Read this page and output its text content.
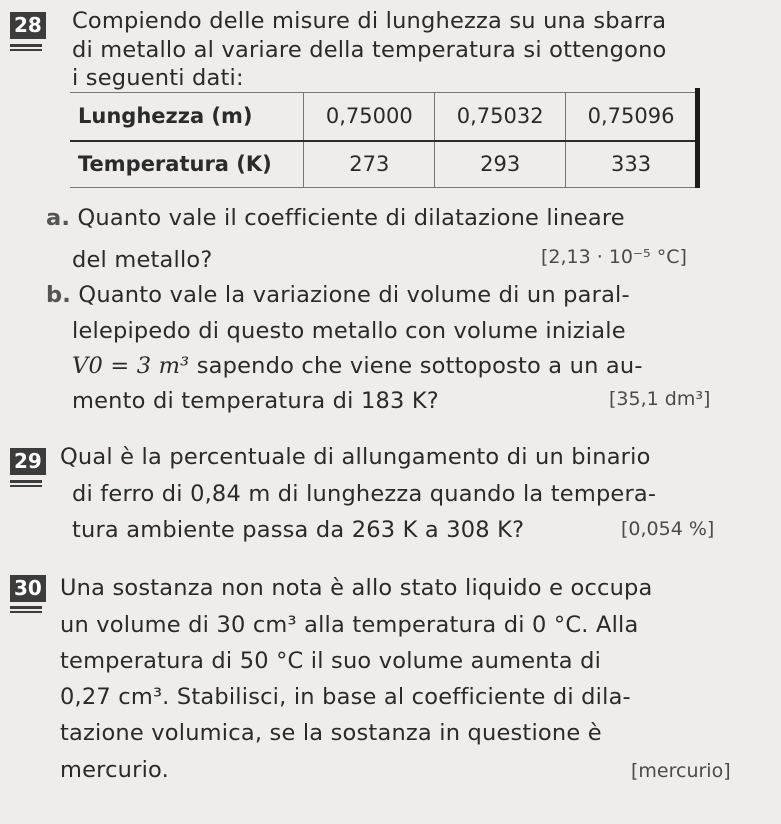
28 Compiendo delle misure di lunghezza su una sbarra
di metallo al variare della temperatura si ottengono
i seguenti dati:
Lunghezza (m)	0,75000	0,75032	0,75096
Temperatura (K)	273	293	333
a. Quanto vale il coefficiente di dilatazione lineare
del metallo?	[2,13 · 10⁻⁵ °C]
b. Quanto vale la variazione di volume di un paral-
lelepipedo di questo metallo con volume iniziale
V0 = 3 m³ sapendo che viene sottoposto a un au-
mento di temperatura di 183 K?	[35,1 dm³]
29 Qual è la percentuale di allungamento di un binario
di ferro di 0,84 m di lunghezza quando la tempera-
tura ambiente passa da 263 K a 308 K?	[0,054 %]
30 Una sostanza non nota è allo stato liquido e occupa
un volume di 30 cm³ alla temperatura di 0 °C. Alla
temperatura di 50 °C il suo volume aumenta di
0,27 cm³. Stabilisci, in base al coefficiente di dila-
tazione volumica, se la sostanza in questione è
mercurio.	[mercurio]
